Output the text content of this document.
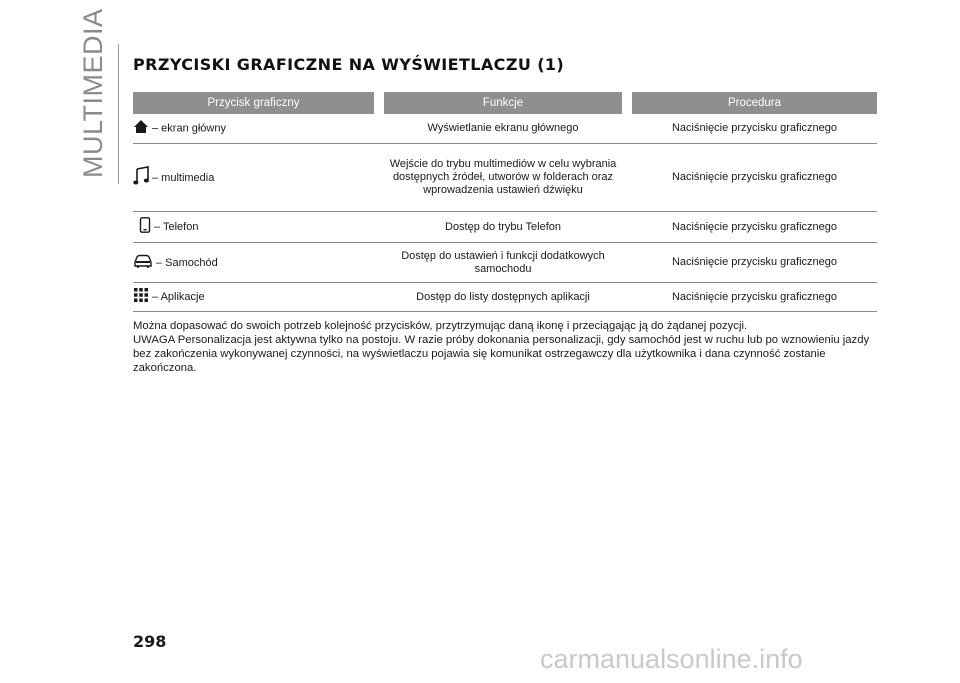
MULTIMEDIA PRZYCISKI GRAFICZNE NA WYŚWIETLACZU (1)
Przycisk graficzny		Funkcje		Procedura
– ekran główny		Wyświetlanie ekranu głównego		Naciśnięcie przycisku graficznego
– multimedia		Wejście do trybu multimediów w celu wybrania dostępnych źródeł, utworów w folderach oraz wprowadzenia ustawień dźwięku		Naciśnięcie przycisku graficznego
– Telefon		Dostęp do trybu Telefon		Naciśnięcie przycisku graficznego
– Samochód		Dostęp do ustawień i funkcji dodatkowych samochodu		Naciśnięcie przycisku graficznego
– Aplikacje		Dostęp do listy dostępnych aplikacji		Naciśnięcie przycisku graficznego

Można dopasować do swoich potrzeb kolejność przycisków, przytrzymując daną ikonę i przeciągając ją do żądanej pozycji.

UWAGA Personalizacja jest aktywna tylko na postoju. W razie próby dokonania personalizacji, gdy samochód jest w ruchu lub po wznowieniu jazdy bez zakończenia wykonywanej czynności, na wyświetlaczu pojawia się komunikat ostrzegawczy dla użytkownika i dana czynność zostanie zakończona.

298
carmanualsonline.info
